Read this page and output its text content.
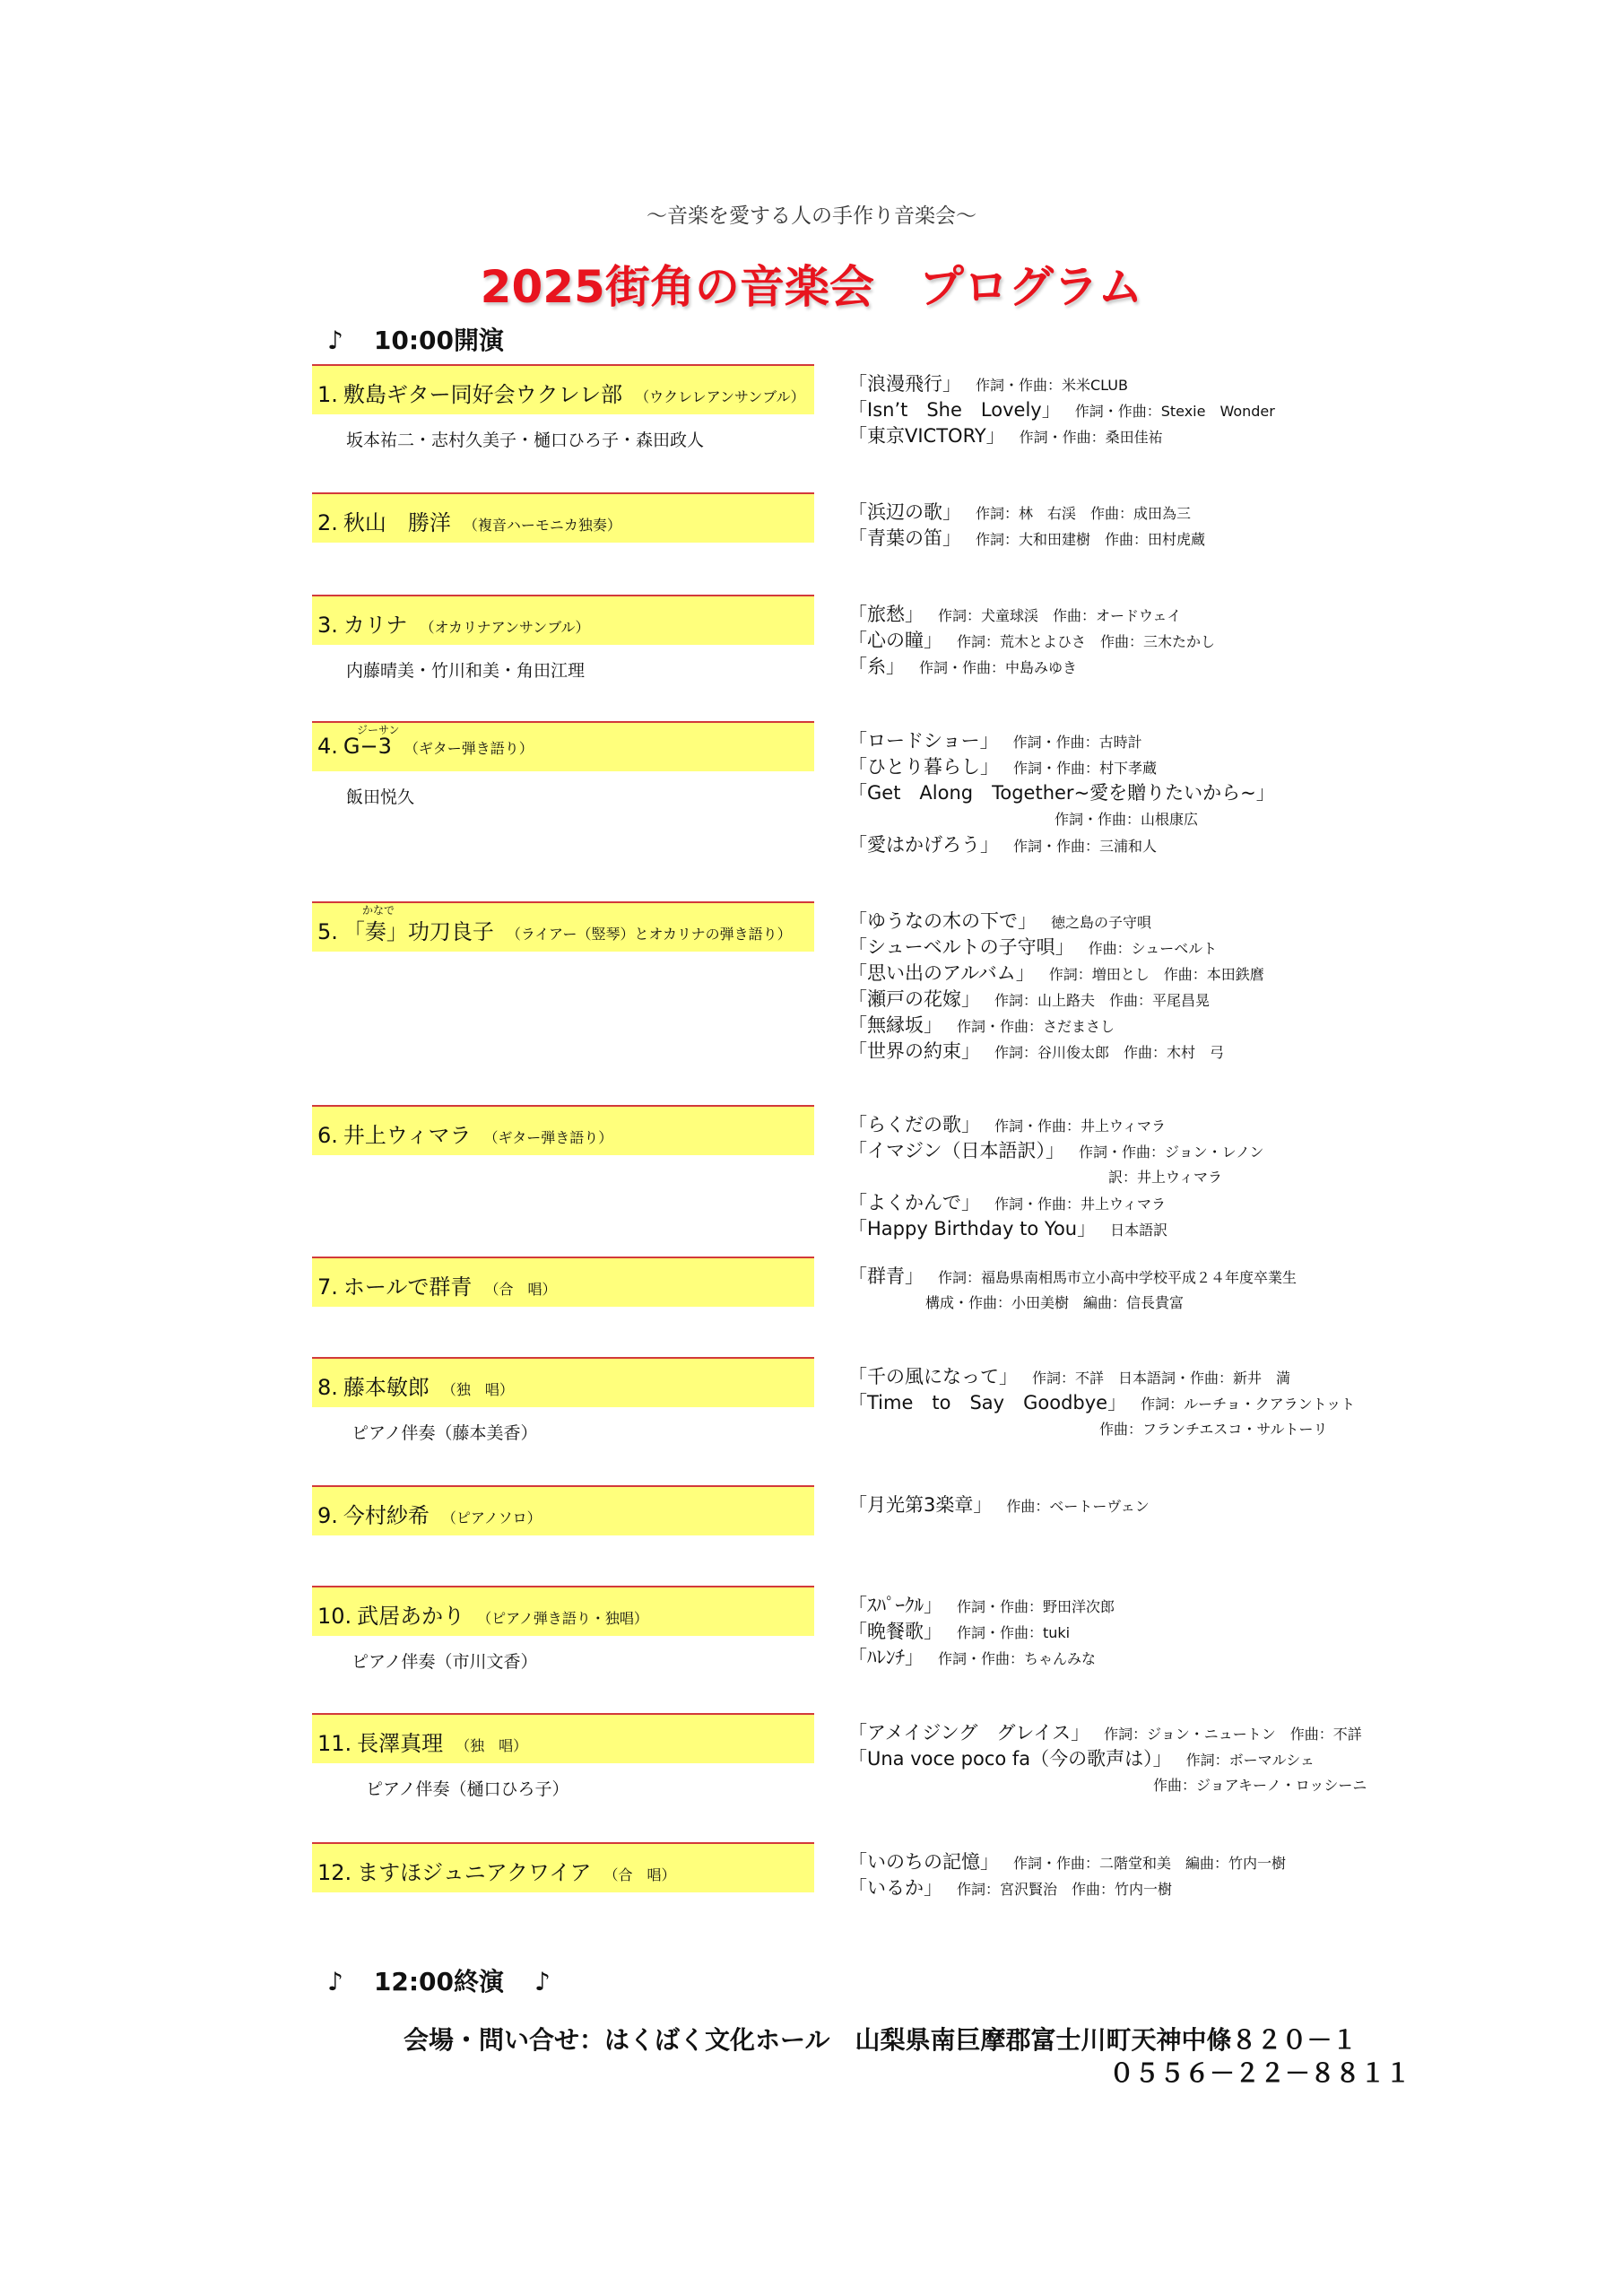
〜音楽を愛する人の手作り音楽会〜
2025街角の音楽会　プログラム
♪ 10:00開演
1. 敷島ギター同好会ウクレレ部 （ウクレレアンサンブル）
坂本祐二・志村久美子・樋口ひろ子・森田政人
「浪漫飛行」 作詞・作曲：米米CLUB
「Isn’t　She　Lovely」 作詞・作曲：Stexie　Wonder
「東京VICTORY」 作詞・作曲：桑田佳祐
2. 秋山　勝洋 （複音ハーモニカ独奏）
「浜辺の歌」 作詞：林　右渓　作曲：成田為三
「青葉の笛」 作詞：大和田建樹　作曲：田村虎蔵
3. カリナ （オカリナアンサンブル）
内藤晴美・竹川和美・角田江理
「旅愁」 作詞：犬童球渓　作曲：オードウェイ
「心の瞳」 作詞：荒木とよひさ　作曲：三木たかし
「糸」 作詞・作曲：中島みゆき
4. G−3 （ギター弾き語り）
ジーサン
飯田悦久
「ロードショー」 作詞・作曲：古時計
「ひとり暮らし」 作詞・作曲：村下孝蔵
「Get　Along　Together~愛を贈りたいから~」
作詞・作曲：山根康広
「愛はかげろう」 作詞・作曲：三浦和人
5. 「奏」功刀良子 （ライアー（竪琴）とオカリナの弾き語り）
かなで	「ゆうなの木の下で」 徳之島の子守唄
「シューベルトの子守唄」 作曲：シューベルト
「思い出のアルバム」 作詞：増田とし　作曲：本田鉄麿
「瀬戸の花嫁」 作詞：山上路夫　作曲：平尾昌晃
「無縁坂」 作詞・作曲：さだまさし
「世界の約束」 作詞：谷川俊太郎　作曲：木村　弓
6. 井上ウィマラ （ギター弾き語り）
「らくだの歌」 作詞・作曲：井上ウィマラ
「イマジン（日本語訳）」 作詞・作曲：ジョン・レノン
訳：井上ウィマラ
「よくかんで」 作詞・作曲：井上ウィマラ
「Happy Birthday to You」 日本語訳
7. ホールで群青 （合　唱）
「群青」 作詞：福島県南相馬市立小高中学校平成２４年度卒業生
構成・作曲：小田美樹　編曲：信長貴富
8. 藤本敏郎 （独　唱）
ピアノ伴奏（藤本美香）
「千の風になって」 作詞：不詳　日本語詞・作曲：新井　満
「Time　to　Say　Goodbye」 作詞：ルーチョ・クアラントット
作曲：フランチエスコ・サルトーリ
9. 今村紗希 （ピアノソロ）
「月光第3楽章」 作曲：ベートーヴェン
10. 武居あかり （ピアノ弾き語り・独唱）
ピアノ伴奏（市川文香）
「ｽﾊﾟｰｸﾙ」 作詞・作曲：野田洋次郎
「晩餐歌」 作詞・作曲：tuki
「ﾊﾚﾝﾁ」 作詞・作曲：ちゃんみな
11. 長澤真理 （独　唱）
ピアノ伴奏（樋口ひろ子）
「アメイジング　グレイス」 作詞：ジョン・ニュートン　作曲：不詳
「Una voce poco fa（今の歌声は）」 作詞：ボーマルシェ
作曲：ジョアキーノ・ロッシーニ
12. ますほジュニアクワイア （合　唱）
「いのちの記憶」 作詞・作曲：二階堂和美　編曲：竹内一樹
「いるか」 作詞：宮沢賢治　作曲：竹内一樹
♪ 12:00終演 ♪
会場・問い合せ：はくばく文化ホール　山梨県南巨摩郡富士川町天神中條８２０－１
０５５６－２２－８８１１
